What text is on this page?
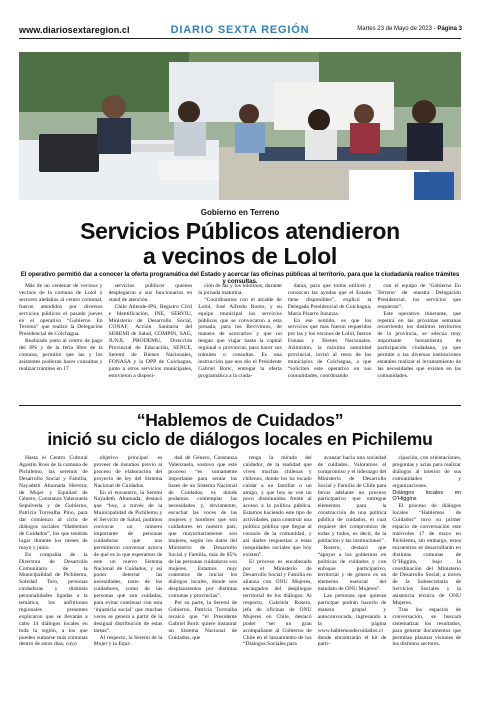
www.diariosextaregion.cl	DIARIO SEXTA REGIÓN	Martes 23 de Mayo de 2023 - Página 3
Gobierno en Terreno
Servicios Públicos atendieron
a vecinos de Lolol
El operativo permitió dar a conocer la oferta programática del Estado y acercar las oficinas públicas al territorio, para que la ciudadanía realice trámites y consultas.

Más de un centenar de vecinos y vecinos de la comuna de Lolol y sectores aledaños al centro comunal, fueron atendidos por diversos servicios públicos el pasado jueves en el operativo “Gobierno En Terreno” que realizó la Delegación Presidencial de Colchagua.

Realizado junto al centro de pago del IPS y de la feria libre de la comuna, permitió que las y los asistentes pudieran hacer consultas y realizar trámites en 17

servicios públicos quienes desplegaron a sus funcionarios en stand de atención.

Chile Atiende-IPS, Registro Civil e Identificación, INE, SERVIU, Ministerio de Desarrollo Social, CONAF, Acción Sanitaria del SEREMI de Salud, COMPIN, SAG, JUNJI, PRODEMU, Dirección Provincial de Educación, SENCE, Seremi de Bienes Nacionales, FONASA y la DPP de Colchagua, junto a otros servicios municipales, estuvieron a disposi-

ción de las y los lololinos, durante la jornada matutina.

“Coordinamos con el alcalde de Lolol, José Alfredo Romo, y su equipo municipal los servicios públicos que se convocaron a esta jornada, para los Revivimos, de manera de acercarlos y que no tengan que viajar hasta la capital regional o provincial, para hacer sus trámites o consultas. Es una instrucción que nos dio el Presidente Gabriel Boric, entregar la oferta programática a la ciuda-

danía, para que todos utilicen y conozcan las ayudas que el Estado tiene disponibles”, explicó la Delegada Presidencial de Colchagua, María Pizarro Inzunza.

En ese sentido, es que los servicios que más fueron requeridos por las y los vecinos de Lolol, fueron Fonasa y Bienes Nacionales. Asimismo, la máxima autoridad provincial, invitó al resto de los municipios de Colchagua, a que “soliciten este operativo en sus comunidades, coordinando

con el equipo de ‘Gobierno En Terreno’ de nuestra Delegación Presidencial, los servicios que requieran”.

Este operativo itinerante, que repetirá en las próximas semanas recorriendo los distintos territorios de la provincia, se adecúa muy importante herramienta de participación ciudadana, ya que permite a las diversas instituciones estatales realizar el levantamiento de las necesidades que existen en las comunidades.

“Hablemos de Cuidados”
inició su ciclo de diálogos locales en Pichilemu

Hasta el Centro Cultural Agustín Ross de la comuna de Pichilemu, las seremis de Desarrollo Social y Familia, Nayadeth Ahumada Herrera; de Mujer y Equidad de Género, Constanza Valenzuela Sepúlveda y de Gobierno, Patricia Torrealba Pino, para dar comienzo al ciclo de diálogos sociales “Hablemos de Cuidados”, los que tendrán lugar durante los meses de mayo y junio.

En compañía de la Directora de Desarrollo Comunitario de la Municipalidad de Pichilemu, Soledad Toro, personas cuidadoras y distintas personalidades ligadas a la temática, los anfitriones regionales presentes explicaron que se llevarán a cabo 14 diálogos locales en toda la región, a los que pueden sumarse más comunas dentro de estos días, cuyo

objetivo principal es proveer de insumos previo al proceso de elaboración del proyecto de ley del Sistema Nacional de Cuidados.

En el encuentro, la Seremi Nayadeth Ahumada, destacó que “hoy, a través de la Municipalidad de Pichilemu y el Servicio de Salud, pudimos convocar un número importante de personas cuidadoras que nos permitieron conversar acerca de qué es lo que esperamos de este un nuevo Sistema Nacional de Cuidados, y así poder detectar las necesidades, tanto de los cuidadores, como de las personas que son cuidadas, para evitar continuar con esta ‘injusticia social’ que muchas veces se genera a partir de la desigual distribución de estas tareas”.

Al respecto, la Seremi de la Mujer y la Equi-

dad de Género, Constanza Valenzuela, sostuvo que este proceso “es sumamente importante para sentar las bases de un Sistema Nacional de Cuidados, es donde podamos contemplar las necesidades y, obviamente, escuchar las voces de las mujeres y hombres que son cuidadores en nuestro país, que mayoritariamente son mujeres, según los datos del Ministerio de Desarrollo Social y Familia, más de 85% de las personas cuidadoras son mujeres. Estamos muy contentos de iniciar los diálogos locales, donde nos desplazaremos por distintas comunas y provincias”.

Por su parte, la Seremi de Gobierno, Patricia Torrealba recalcó que “el Presidente Gabriel Boric quiere instaurar un Sistema Nacional de Cuidados, que

tenga la mirada del cuidador, de la realidad que viven muchas chilenas y chilenos, donde los ha tocado cuidar a un familiar o un amigo, y que hoy se ven un poco disminuidos frente al acceso a la política pública. Estamos haciendo este tipo de actividades, para construir una política pública que llegue al corazón de la comunidad, y así darles respuestas a estas inequidades sociales que hoy existen”.

El proceso es encabezado por el Ministerio de Desarrollo Social y Familia en alianza con ONU Mujeres, encargados del despliegue territorial de los diálogos. Al respecto, Gabriela Rosero, jefa de oficinas de ONU Mujeres en Chile, destacó poder “ser un gran acompañante al Gobierno de Chile en el lanzamiento de los “Diálogos Sociales para

avanzar hacia una sociedad de cuidados. Valoramos el compromiso y el liderazgo del Ministerio de Desarrollo Social y Familia de Chile para llevar adelante un proceso participativo que entregue elementos para la construcción de una política pública de cuidados, el cual requiere del compromiso de todas y todos, es decir, de la población y las instituciones”.

Rosero, destacó que “apoyar a los gobiernos en políticas de cuidados y con enfoque participativo, territorial y de género es un elemento esencial del mandato de ONU Mujeres”.

Las personas que quieran participar podrán hacerlo de manera grupal y autoconvocada, ingresando a la página www.hablemosdecuidados.cl donde encontrarán el kit de parti-

cipación, con orientaciones, preguntas y actas para realizar diálogos al interior de sus comunidades y organizaciones.

Diálogos locales en O’Higgins

El proceso de diálogos locales “Hablemos de Cuidados” tuvo su primer espacio de conversación este miércoles 17 de mayo en Pichilemu, sin embargo, estos encuentros se desarrollarán en distintas comunas de O’Higgins, bajo la coordinación del Ministerio de Desarrollo Social, a través de la Subsecretaría de Servicios Sociales y la asistencia técnica de ONU Mujeres.

Tras los espacios de conversación, se buscará sistematizar los resultados, para generar documentos que permitan plasmar visiones de los distintos sectores.
